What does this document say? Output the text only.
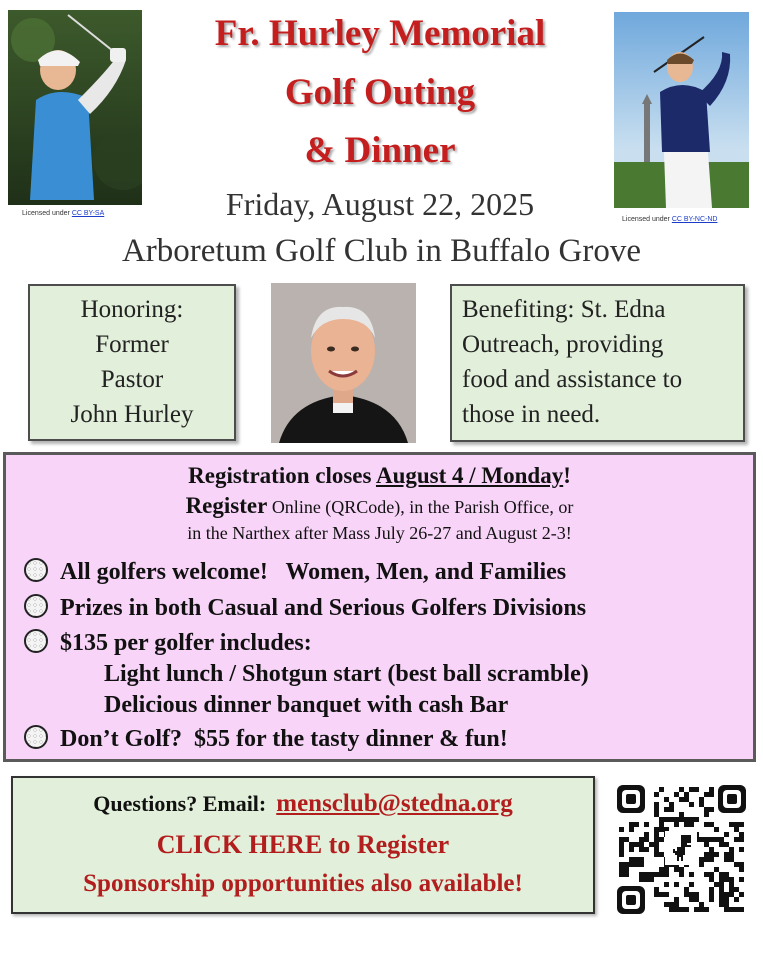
Licensed under CC BY-SA
Licensed under CC BY-NC-ND
Fr. Hurley Memorial
Golf Outing
& Dinner
Friday, August 22, 2025
Arboretum Golf Club in Buffalo Grove
Honoring:
Former
Pastor
John Hurley
Benefiting: St. Edna
Outreach, providing
food and assistance to
those in need.
Registration closes August 4 / Monday!
Register Online (QRCode), in the Parish Office, or
in the Narthex after Mass July 26-27 and August 2-3!
All golfers welcome!   Women, Men, and Families
Prizes in both Casual and Serious Golfers Divisions
$135 per golfer includes:
Light lunch / Shotgun start (best ball scramble)
Delicious dinner banquet with cash Bar
Don’t Golf?  $55 for the tasty dinner & fun!
Questions? Email: mensclub@stedna.org
CLICK HERE to Register
Sponsorship opportunities also available!
